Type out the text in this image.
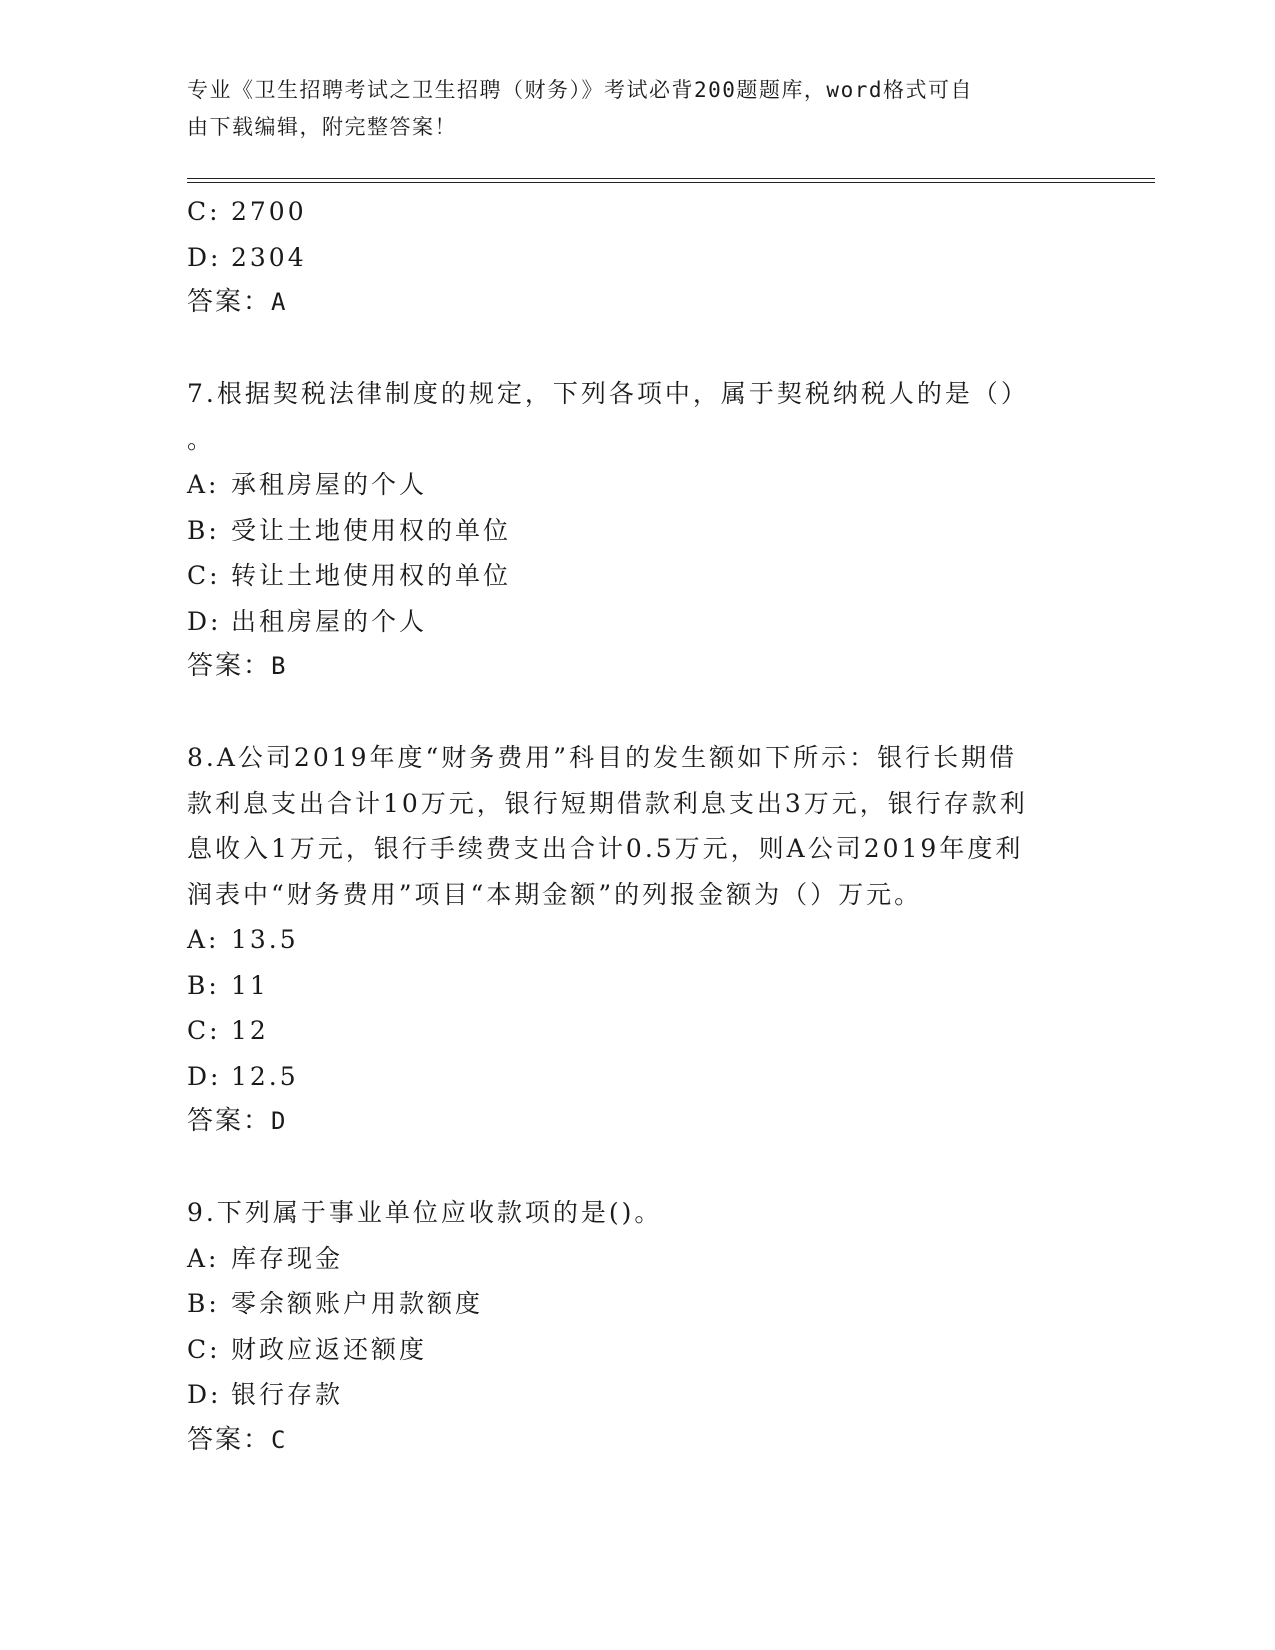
专业《卫生招聘考试之卫生招聘（财务）》考试必背200题题库，word格式可自
由下载编辑，附完整答案！
C: 2700
D: 2304
答案：A
7.根据契税法律制度的规定，下列各项中，属于契税纳税人的是（）
。
A: 承租房屋的个人
B: 受让土地使用权的单位
C: 转让土地使用权的单位
D: 出租房屋的个人
答案：B
8.A公司2019年度“财务费用”科目的发生额如下所示：银行长期借
款利息支出合计10万元，银行短期借款利息支出3万元，银行存款利
息收入1万元，银行手续费支出合计0.5万元，则A公司2019年度利
润表中“财务费用”项目“本期金额”的列报金额为（）万元。
A: 13.5
B: 11
C: 12
D: 12.5
答案：D
9.下列属于事业单位应收款项的是()。
A: 库存现金
B: 零余额账户用款额度
C: 财政应返还额度
D: 银行存款
答案：C
